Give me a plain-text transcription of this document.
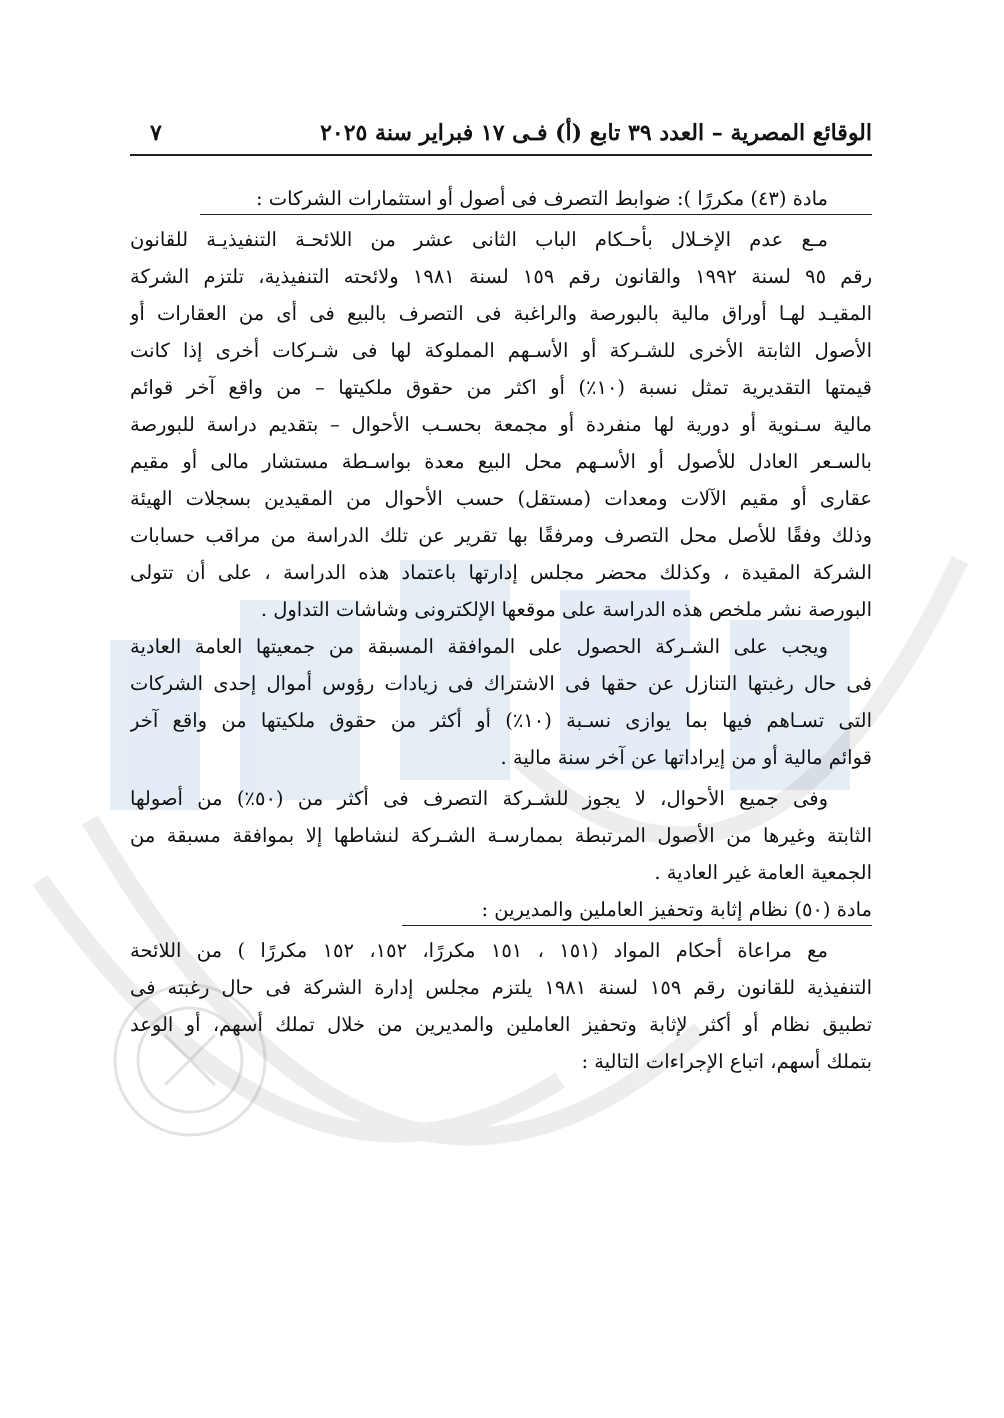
الوقائع المصرية – العدد ٣٩ تابع (أ) فـى ١٧ فبراير سنة ٢٠٢٥
٧
مادة (٤٣) مكررًا ): ضوابط التصرف فى أصول أو استثمارات الشركات :
مـع عدم الإخـلال بأحـكام الباب الثانى عشر من اللائحـة التنفيذيـة للقانون
رقم ٩٥ لسنة ١٩٩٢ والقانون رقم ١٥٩ لسنة ١٩٨١ ولائحته التنفيذية، تلتزم الشركة
المقيـد لهـا أوراق مالية بالبورصة والراغبة فى التصرف بالبيع فى أى من العقارات أو
الأصول الثابتة الأخرى للشـركة أو الأسـهم المملوكة لها فى شـركات أخرى إذا كانت
قيمتها التقديرية تمثل نسبة (١٠٪) أو اكثر من حقوق ملكيتها – من واقع آخر قوائم
مالية سـنوية أو دورية لها منفردة أو مجمعة بحسـب الأحوال – بتقديم دراسة للبورصة
بالسـعر العادل للأصول أو الأسـهم محل البيع معدة بواسـطة مستشار مالى أو مقيم
عقارى أو مقيم الآلات ومعدات (مستقل) حسب الأحوال من المقيدين بسجلات الهيئة
وذلك وفقًا للأصل محل التصرف ومرفقًا بها تقرير عن تلك الدراسة من مراقب حسابات
الشركة المقيدة ، وكذلك محضر مجلس إدارتها باعتماد هذه الدراسة ، على أن تتولى
البورصة نشر ملخص هذه الدراسة على موقعها الإلكترونى وشاشات التداول .
ويجب على الشـركة الحصول على الموافقة المسبقة من جمعيتها العامة العادية
فى حال رغبتها التنازل عن حقها فى الاشتراك فى زيادات رؤوس أموال إحدى الشركات
التى تسـاهم فيها بما يوازى نسـبة (١٠٪) أو أكثر من حقوق ملكيتها من واقع آخر
قوائم مالية أو من إيراداتها عن آخر سنة مالية .
وفى جميع الأحوال، لا يجوز للشـركة التصرف فى أكثر من (٥٠٪) من أصولها
الثابتة وغيرها من الأصول المرتبطة بممارسـة الشـركة لنشاطها إلا بموافقة مسبقة من
الجمعية العامة غير العادية .
مادة (٥٠) نظام إثابة وتحفيز العاملين والمديرين :
مع مراعاة أحكام المواد (١٥١ ، ١٥١ مكررًا، ١٥٢، ١٥٢ مكررًا ) من اللائحة
التنفيذية للقانون رقم ١٥٩ لسنة ١٩٨١ يلتزم مجلس إدارة الشركة فى حال رغبته فى
تطبيق نظام أو أكثر لإثابة وتحفيز العاملين والمديرين من خلال تملك أسهم، أو الوعد
بتملك أسهم، اتباع الإجراءات التالية :
